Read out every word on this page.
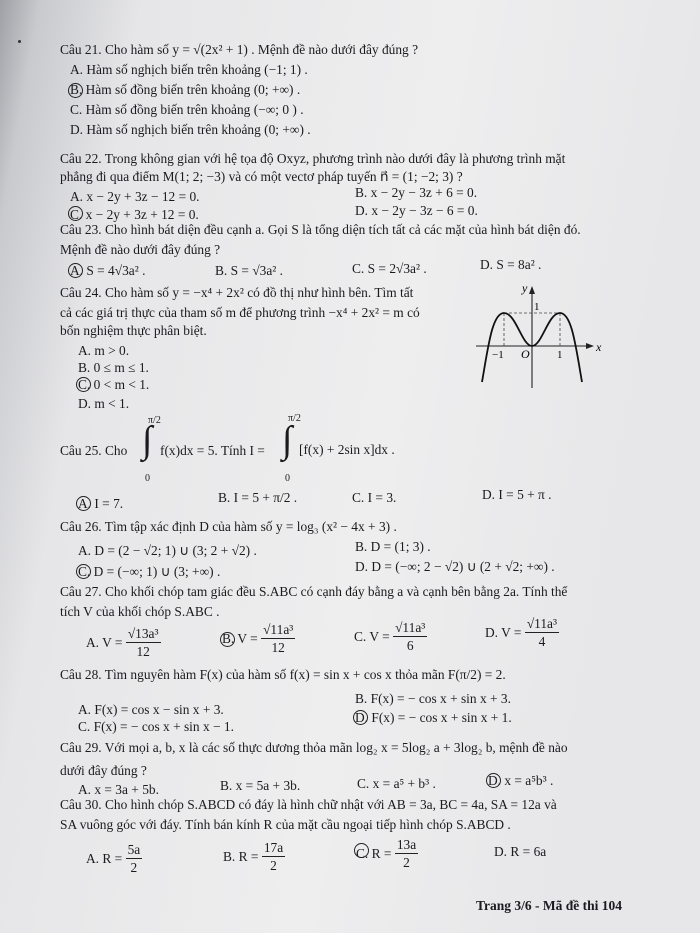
Câu 21. Cho hàm số y = √(2x² + 1) . Mệnh đề nào dưới đây đúng ?
A. Hàm số nghịch biến trên khoảng (−1; 1) .
B. Hàm số đồng biến trên khoảng (0; +∞) .
C. Hàm số đồng biến trên khoảng (−∞; 0 ) .
D. Hàm số nghịch biến trên khoảng (0; +∞) .
Câu 22. Trong không gian với hệ tọa độ Oxyz, phương trình nào dưới đây là phương trình mặt
phẳng đi qua điểm M(1; 2; −3) và có một vectơ pháp tuyến n⃗ = (1; −2; 3) ?
A. x − 2y + 3z − 12 = 0.	B. x − 2y − 3z + 6 = 0.
C. x − 2y + 3z + 12 = 0.	D. x − 2y − 3z − 6 = 0.
Câu 23. Cho hình bát diện đều cạnh a. Gọi S là tổng diện tích tất cả các mặt của hình bát diện đó.
Mệnh đề nào dưới đây đúng ?
A. S = 4√3a² .	B. S = √3a² .	C. S = 2√3a² .	D. S = 8a² .
Câu 24. Cho hàm số y = −x⁴ + 2x² có đồ thị như hình bên. Tìm tất
cả các giá trị thực của tham số m để phương trình −x⁴ + 2x² = m có
bốn nghiệm thực phân biệt.
A. m > 0.
B. 0 ≤ m ≤ 1.
C. 0 < m < 1.
D. m < 1.
y
x
O
−1	1
1
Câu 25. Cho
π/2
∫
0
f(x)dx = 5. Tính I =
π/2
∫
0
[f(x) + 2sin x]dx .
A. I = 7.	B. I = 5 + π/2 .	C. I = 3.	D. I = 5 + π .
Câu 26. Tìm tập xác định D của hàm số y = log₃ (x² − 4x + 3) .
A. D = (2 − √2; 1) ∪ (3; 2 + √2) .	B. D = (1; 3) .
C. D = (−∞; 1) ∪ (3; +∞) .	D. D = (−∞; 2 − √2) ∪ (2 + √2; +∞) .
Câu 27. Cho khối chóp tam giác đều S.ABC có cạnh đáy bằng a và cạnh bên bằng 2a. Tính thể
tích V của khối chóp S.ABC .
A. $V = \frac{\text{√13a³}}{12}$	B. $V = \frac{\text{√11a³}}{12}$	C. $V = \frac{\text{√11a³}}{6}$	D. $V = \frac{\text{√11a³}}{4}$
Câu 28. Tìm nguyên hàm F(x) của hàm số f(x) = sin x + cos x thỏa mãn F(π/2) = 2.
A. F(x) = cos x − sin x + 3.
B. F(x) = − cos x + sin x + 3.
C. F(x) = − cos x + sin x − 1.
D. F(x) = − cos x + sin x + 1.
Câu 29. Với mọi a, b, x là các số thực dương thỏa mãn log₂ x = 5log₂ a + 3log₂ b, mệnh đề nào
dưới đây đúng ?
A. x = 3a + 5b.	B. x = 5a + 3b.	C. x = a⁵ + b³ .	D. x = a⁵b³ .
Câu 30. Cho hình chóp S.ABCD có đáy là hình chữ nhật với AB = 3a, BC = 4a, SA = 12a và
SA vuông góc với đáy. Tính bán kính R của mặt cầu ngoại tiếp hình chóp S.ABCD .
A. $R = \frac{5a}{2}$	B. $R = \frac{17a}{2}$	C. $R = \frac{13a}{2}$	D. R = 6a
Trang 3/6 - Mã đề thi 104
